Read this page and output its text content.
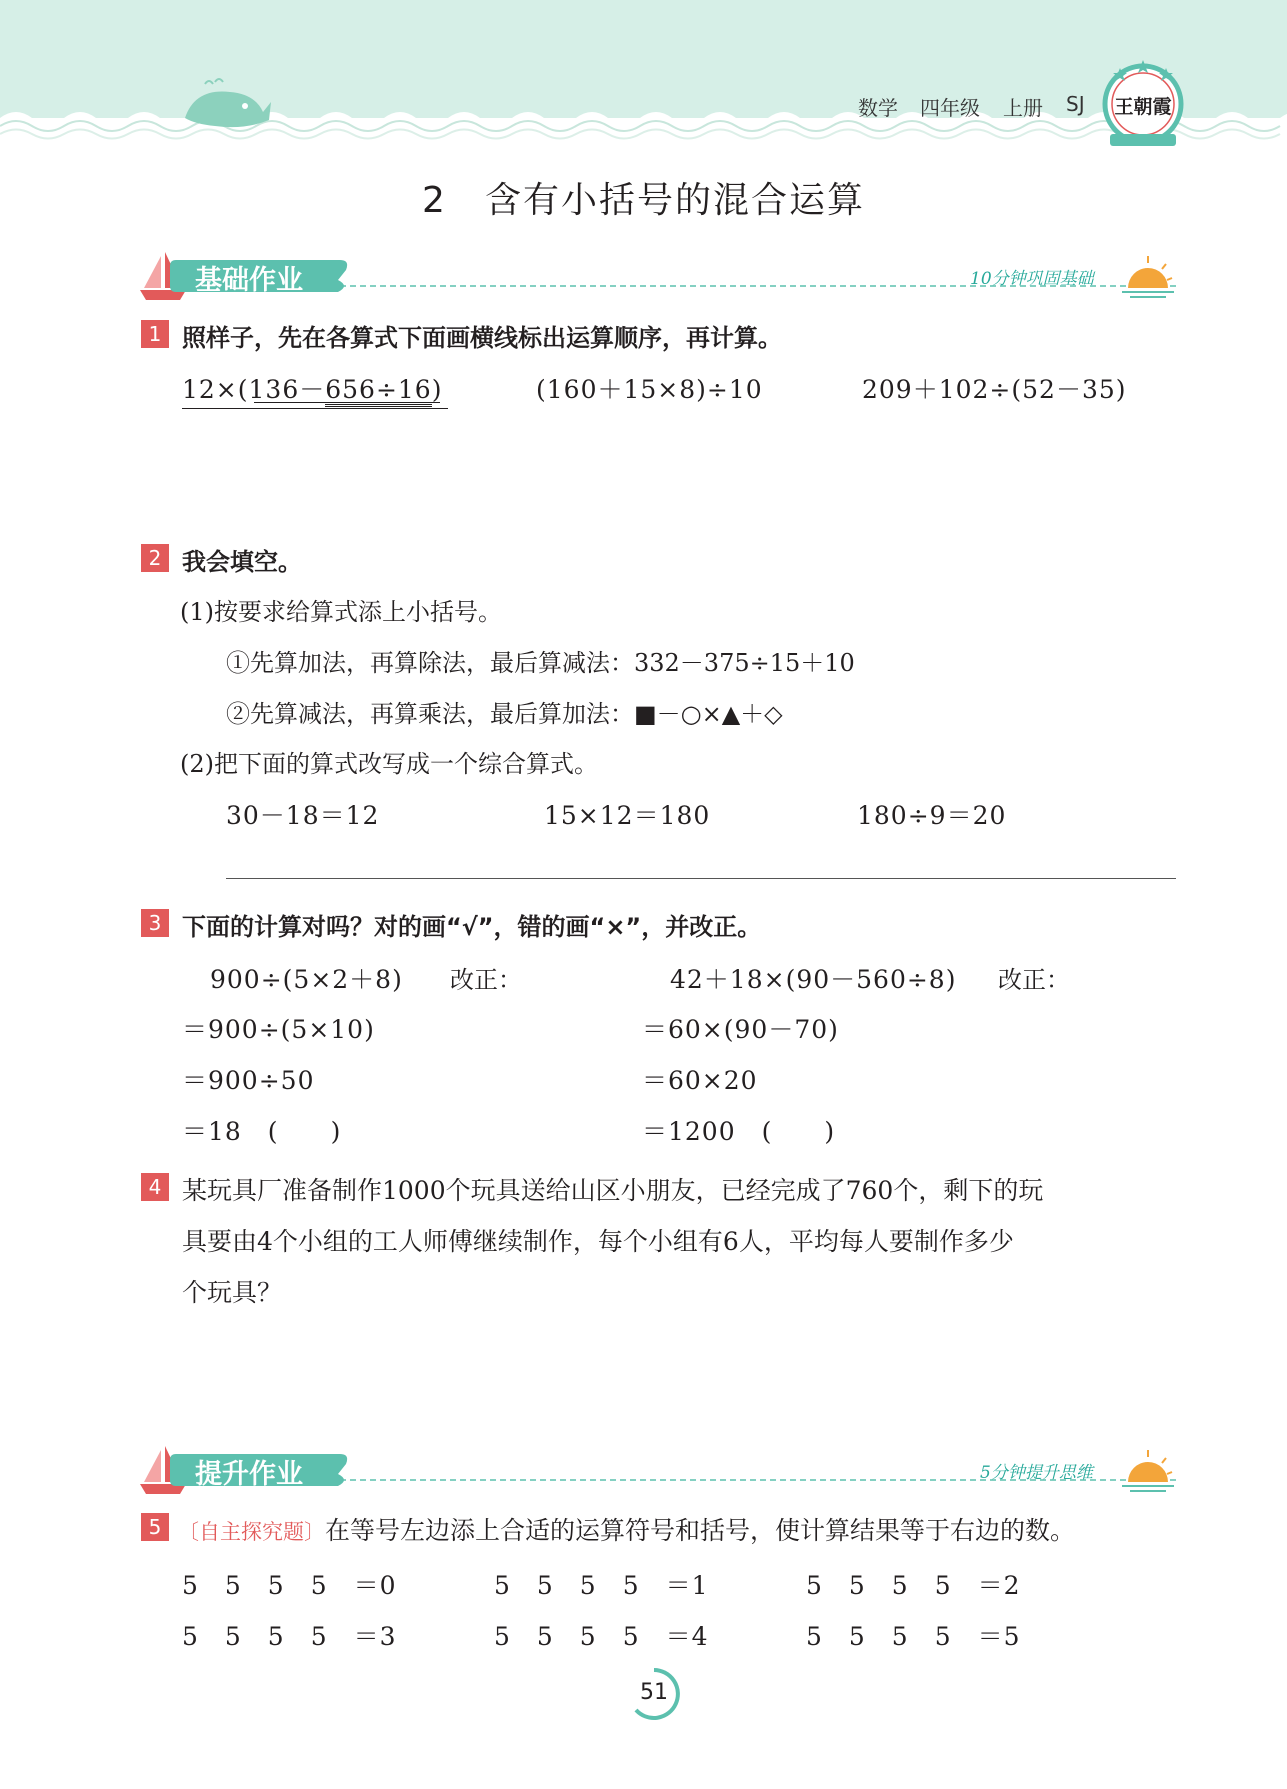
数学 四年级 上册 SJ 王朝霞
2　含有小括号的混合运算
基础作业	10分钟巩固基础
1 照样子，先在各算式下面画横线标出运算顺序，再计算。
12×(136－656÷16)	(160＋15×8)÷10	209＋102÷(52－35)
2 我会填空。
(1)按要求给算式添上小括号。
①先算加法，再算除法，最后算减法：332－375÷15＋10
②先算减法，再算乘法，最后算加法：■－○×▲＋◇
(2)把下面的算式改写成一个综合算式。
30－18＝12	15×12＝180	180÷9＝20
3 下面的计算对吗？对的画“√”，错的画“×”，并改正。
900÷(5×2＋8) 改正：
＝900÷(5×10)
＝900÷50
＝18　(　　)
42＋18×(90－560÷8) 改正：
＝60×(90－70)
＝60×20
＝1200　(　　)
4 某玩具厂准备制作1000个玩具送给山区小朋友，已经完成了760个，剩下的玩
具要由4个小组的工人师傅继续制作，每个小组有6人，平均每人要制作多少
个玩具？
提升作业	5分钟提升思维
5 〔自主探究题〕在等号左边添上合适的运算符号和括号，使计算结果等于右边的数。
5　5　5　5　＝0	5　5　5　5　＝1	5　5　5　5　＝2
5　5　5　5　＝3	5　5　5　5　＝4	5　5　5　5　＝5
51
